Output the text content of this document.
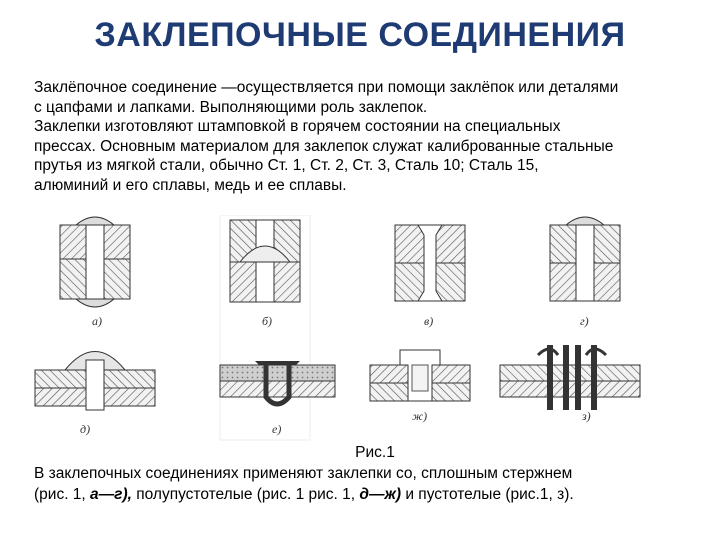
ЗАКЛЕПОЧНЫЕ СОЕДИНЕНИЯ

Заклёпочное соединение —осуществляется при помощи заклёпок или деталями

с цапфами и лапками. Выполняющими роль заклепок.

Заклепки изготовляют штамповкой в горячем состоянии на специальных

прессах. Основным материалом для заклепок служат калиброванные стальные

прутья из мягкой стали, обычно Ст. 1, Ст. 2, Ст. 3, Сталь 10; Сталь 15,

алюминий и его сплавы, медь и ее сплавы.

а)	б)	в)	г)
д)	е)
ж)	з)
Рис.1

В заклепочных соединениях применяют заклепки со, сплошным стержнем

(рис. 1, а—г), полупустотелые (рис. 1 рис. 1, д—ж) и пустотелые (рис.1, з).
